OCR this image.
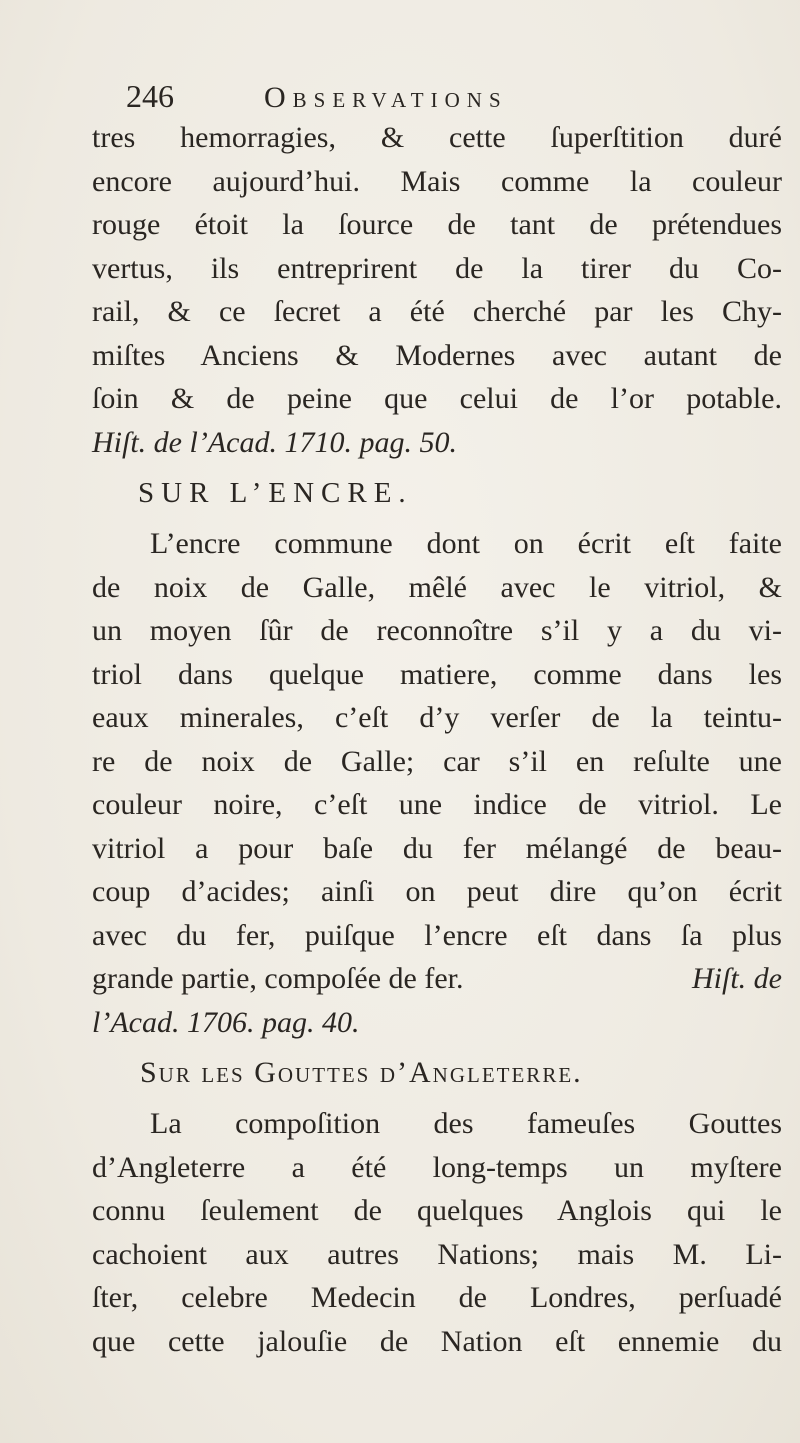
246	Observations
tres hemorragies, & cette ſuperſtition duré
encore aujourd’hui. Mais comme la couleur
rouge étoit la ſource de tant de prétendues
vertus, ils entreprirent de la tirer du Co-
rail, & ce ſecret a été cherché par les Chy-
miſtes Anciens & Modernes avec autant de
ſoin & de peine que celui de l’or potable.
Hiſt. de l’Acad. 1710. pag. 50.
SUR L’ENCRE.
L’encre commune dont on écrit eſt faite
de noix de Galle, mêlé avec le vitriol, &
un moyen ſûr de reconnoître s’il y a du vi-
triol dans quelque matiere, comme dans les
eaux minerales, c’eſt d’y verſer de la teintu-
re de noix de Galle; car s’il en reſulte une
couleur noire, c’eſt une indice de vitriol. Le
vitriol a pour baſe du fer mélangé de beau-
coup d’acides; ainſi on peut dire qu’on écrit
avec du fer, puiſque l’encre eſt dans ſa plus
grande partie, compoſée de fer.	Hiſt. de
l’Acad. 1706. pag. 40.
Sur les Gouttes d’Angleterre.
La compoſition des fameuſes Gouttes
d’Angleterre a été long-temps un myſtere
connu ſeulement de quelques Anglois qui le
cachoient aux autres Nations; mais M. Li-
ſter, celebre Medecin de Londres, perſuadé
que cette jalouſie de Nation eſt ennemie du
